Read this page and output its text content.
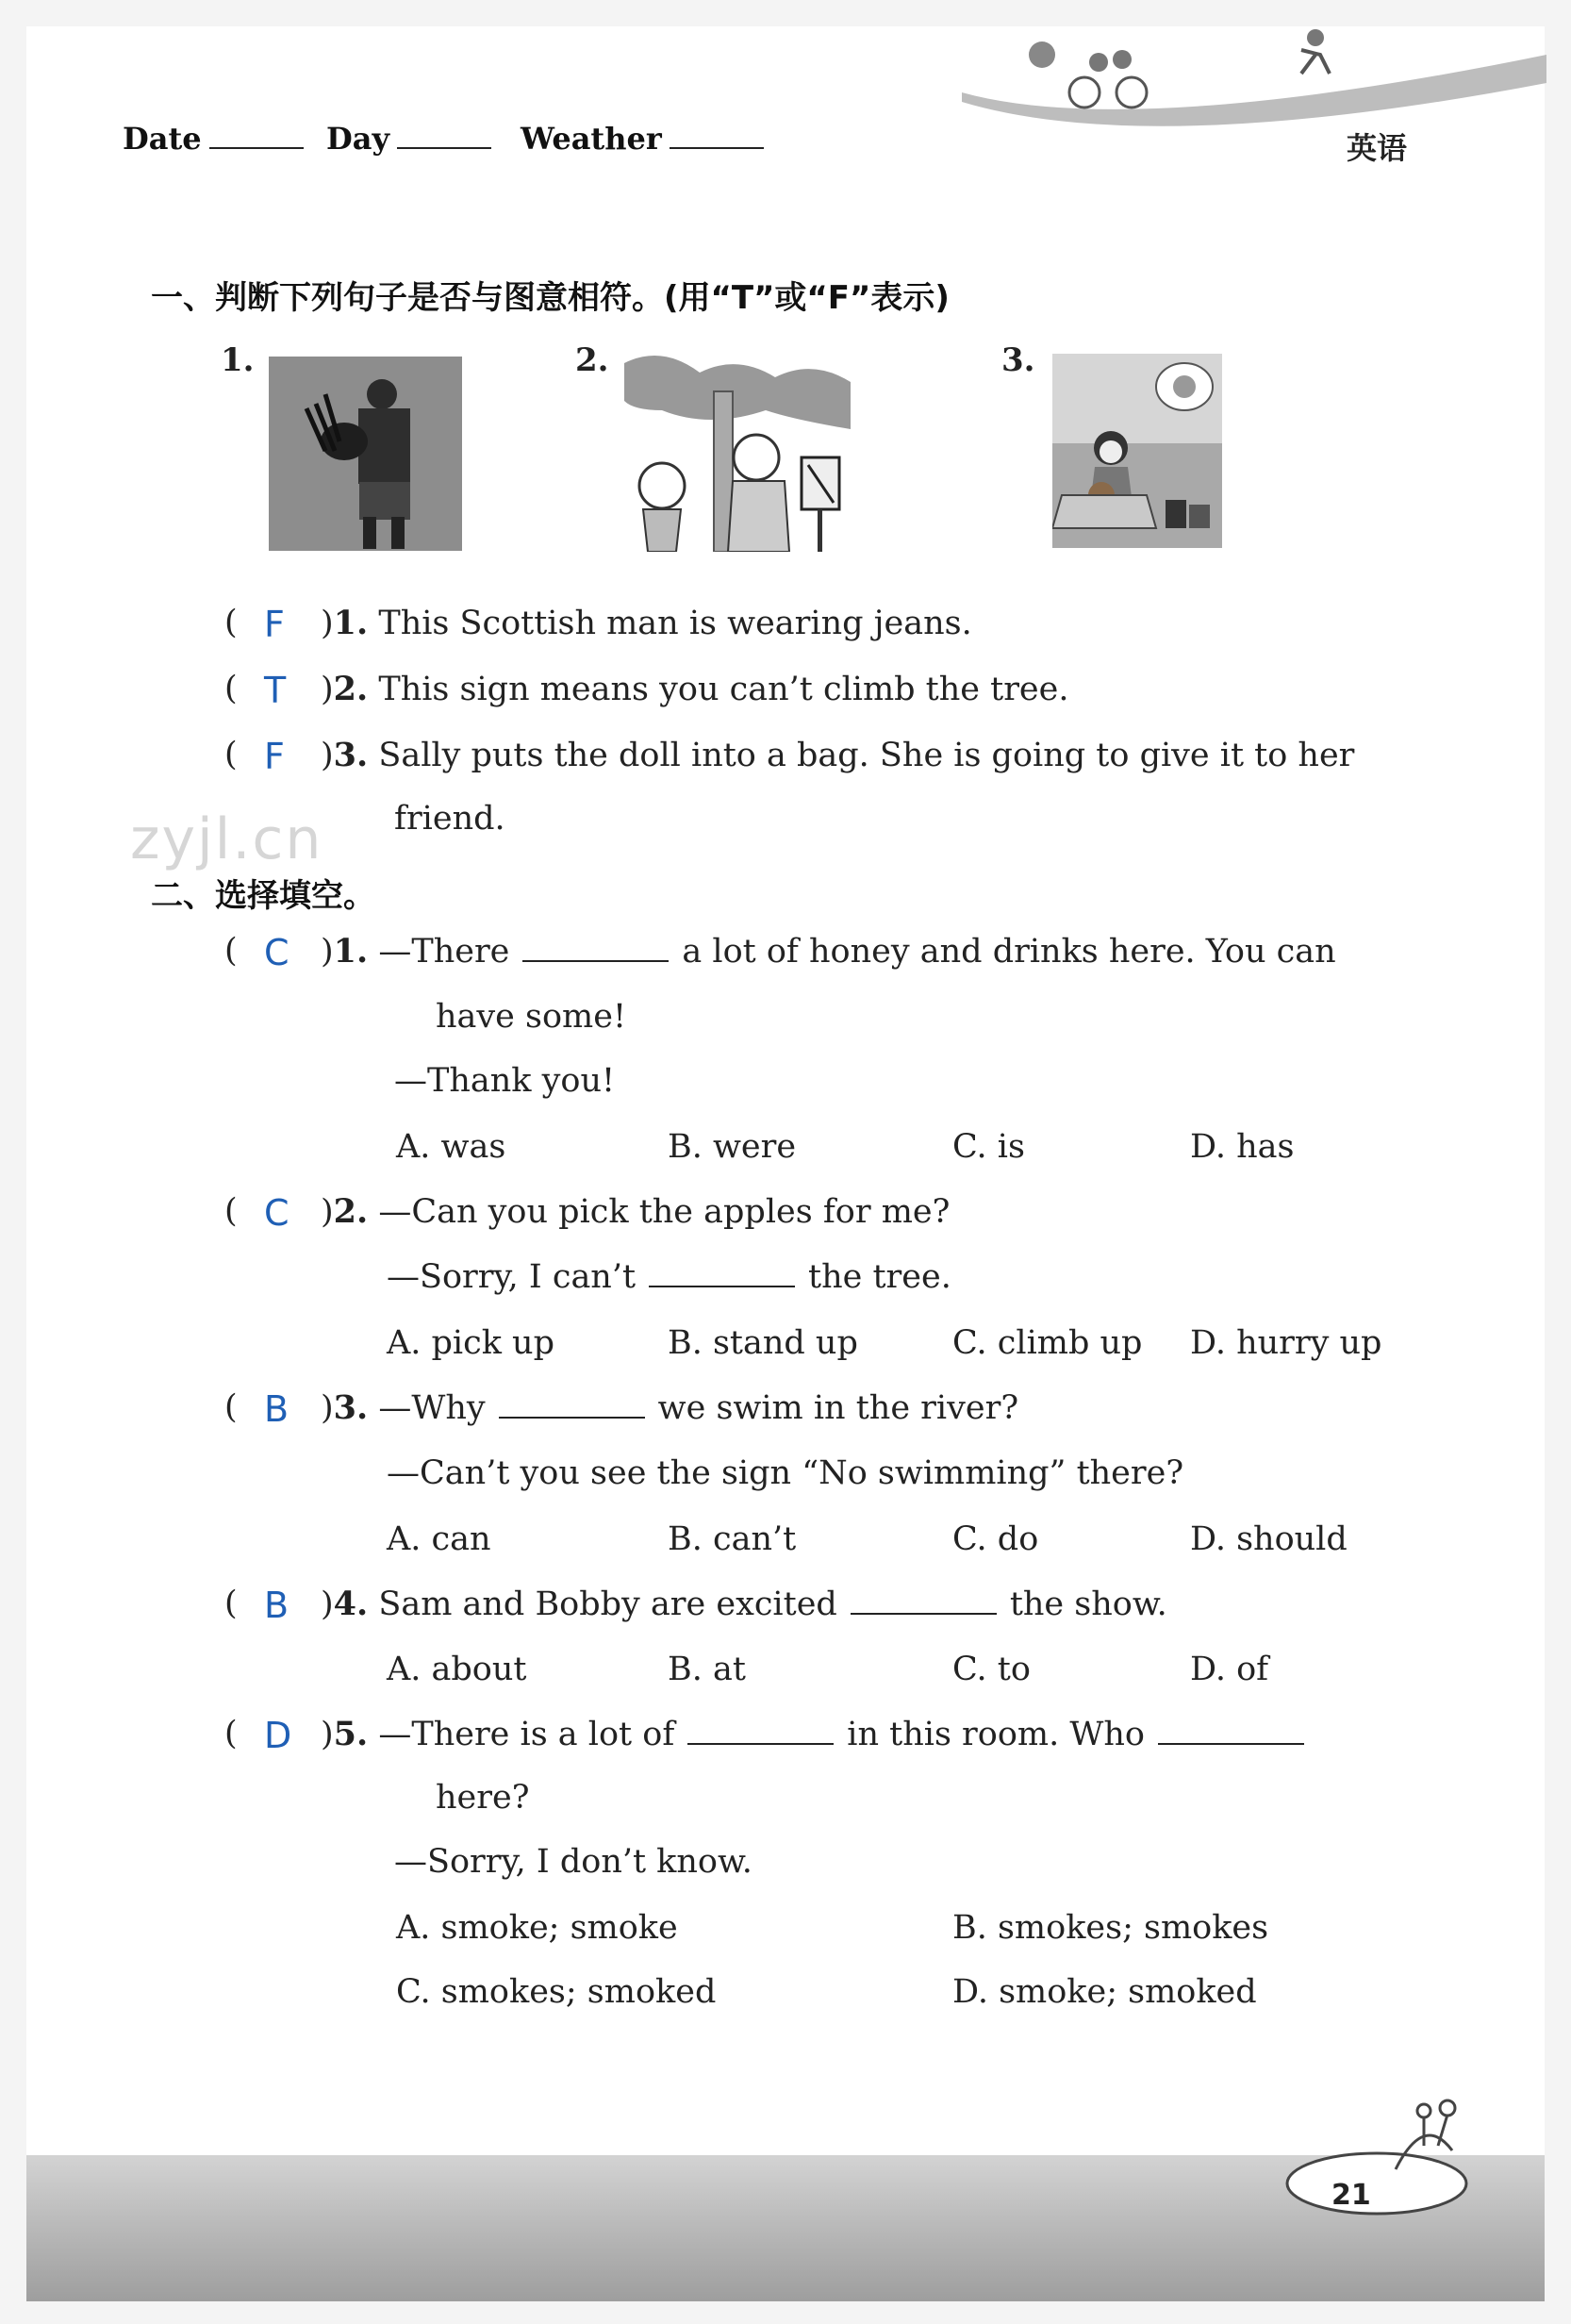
Date	Day	Weather	英语
一、判断下列句子是否与图意相符。(用“T”或“F”表示)
1.	2.	3.
( F )1. This Scottish man is wearing jeans.
( T )2. This sign means you can’t climb the tree.
( F )3. Sally puts the doll into a bag. She is going to give it to her
friend.
zyjl.cn
二、选择填空。
( C )1. —There	a lot of honey and drinks here. You can
have some!
—Thank you!
A. was	B. were	C. is	D. has
( C )2. —Can you pick the apples for me?
—Sorry, I can’t	the tree.
A. pick up	B. stand up	C. climb up D. hurry up
( B )3. —Why	we swim in the river?
—Can’t you see the sign “No swimming” there?
A. can	B. can’t	C. do	D. should
( B )4. Sam and Bobby are excited	the show.
A. about	B. at	C. to	D. of
( D )5. —There is a lot of	in this room. Who
here?
—Sorry, I don’t know.
A. smoke; smoke	B. smokes; smokes
C. smokes; smoked	D. smoke; smoked
21
